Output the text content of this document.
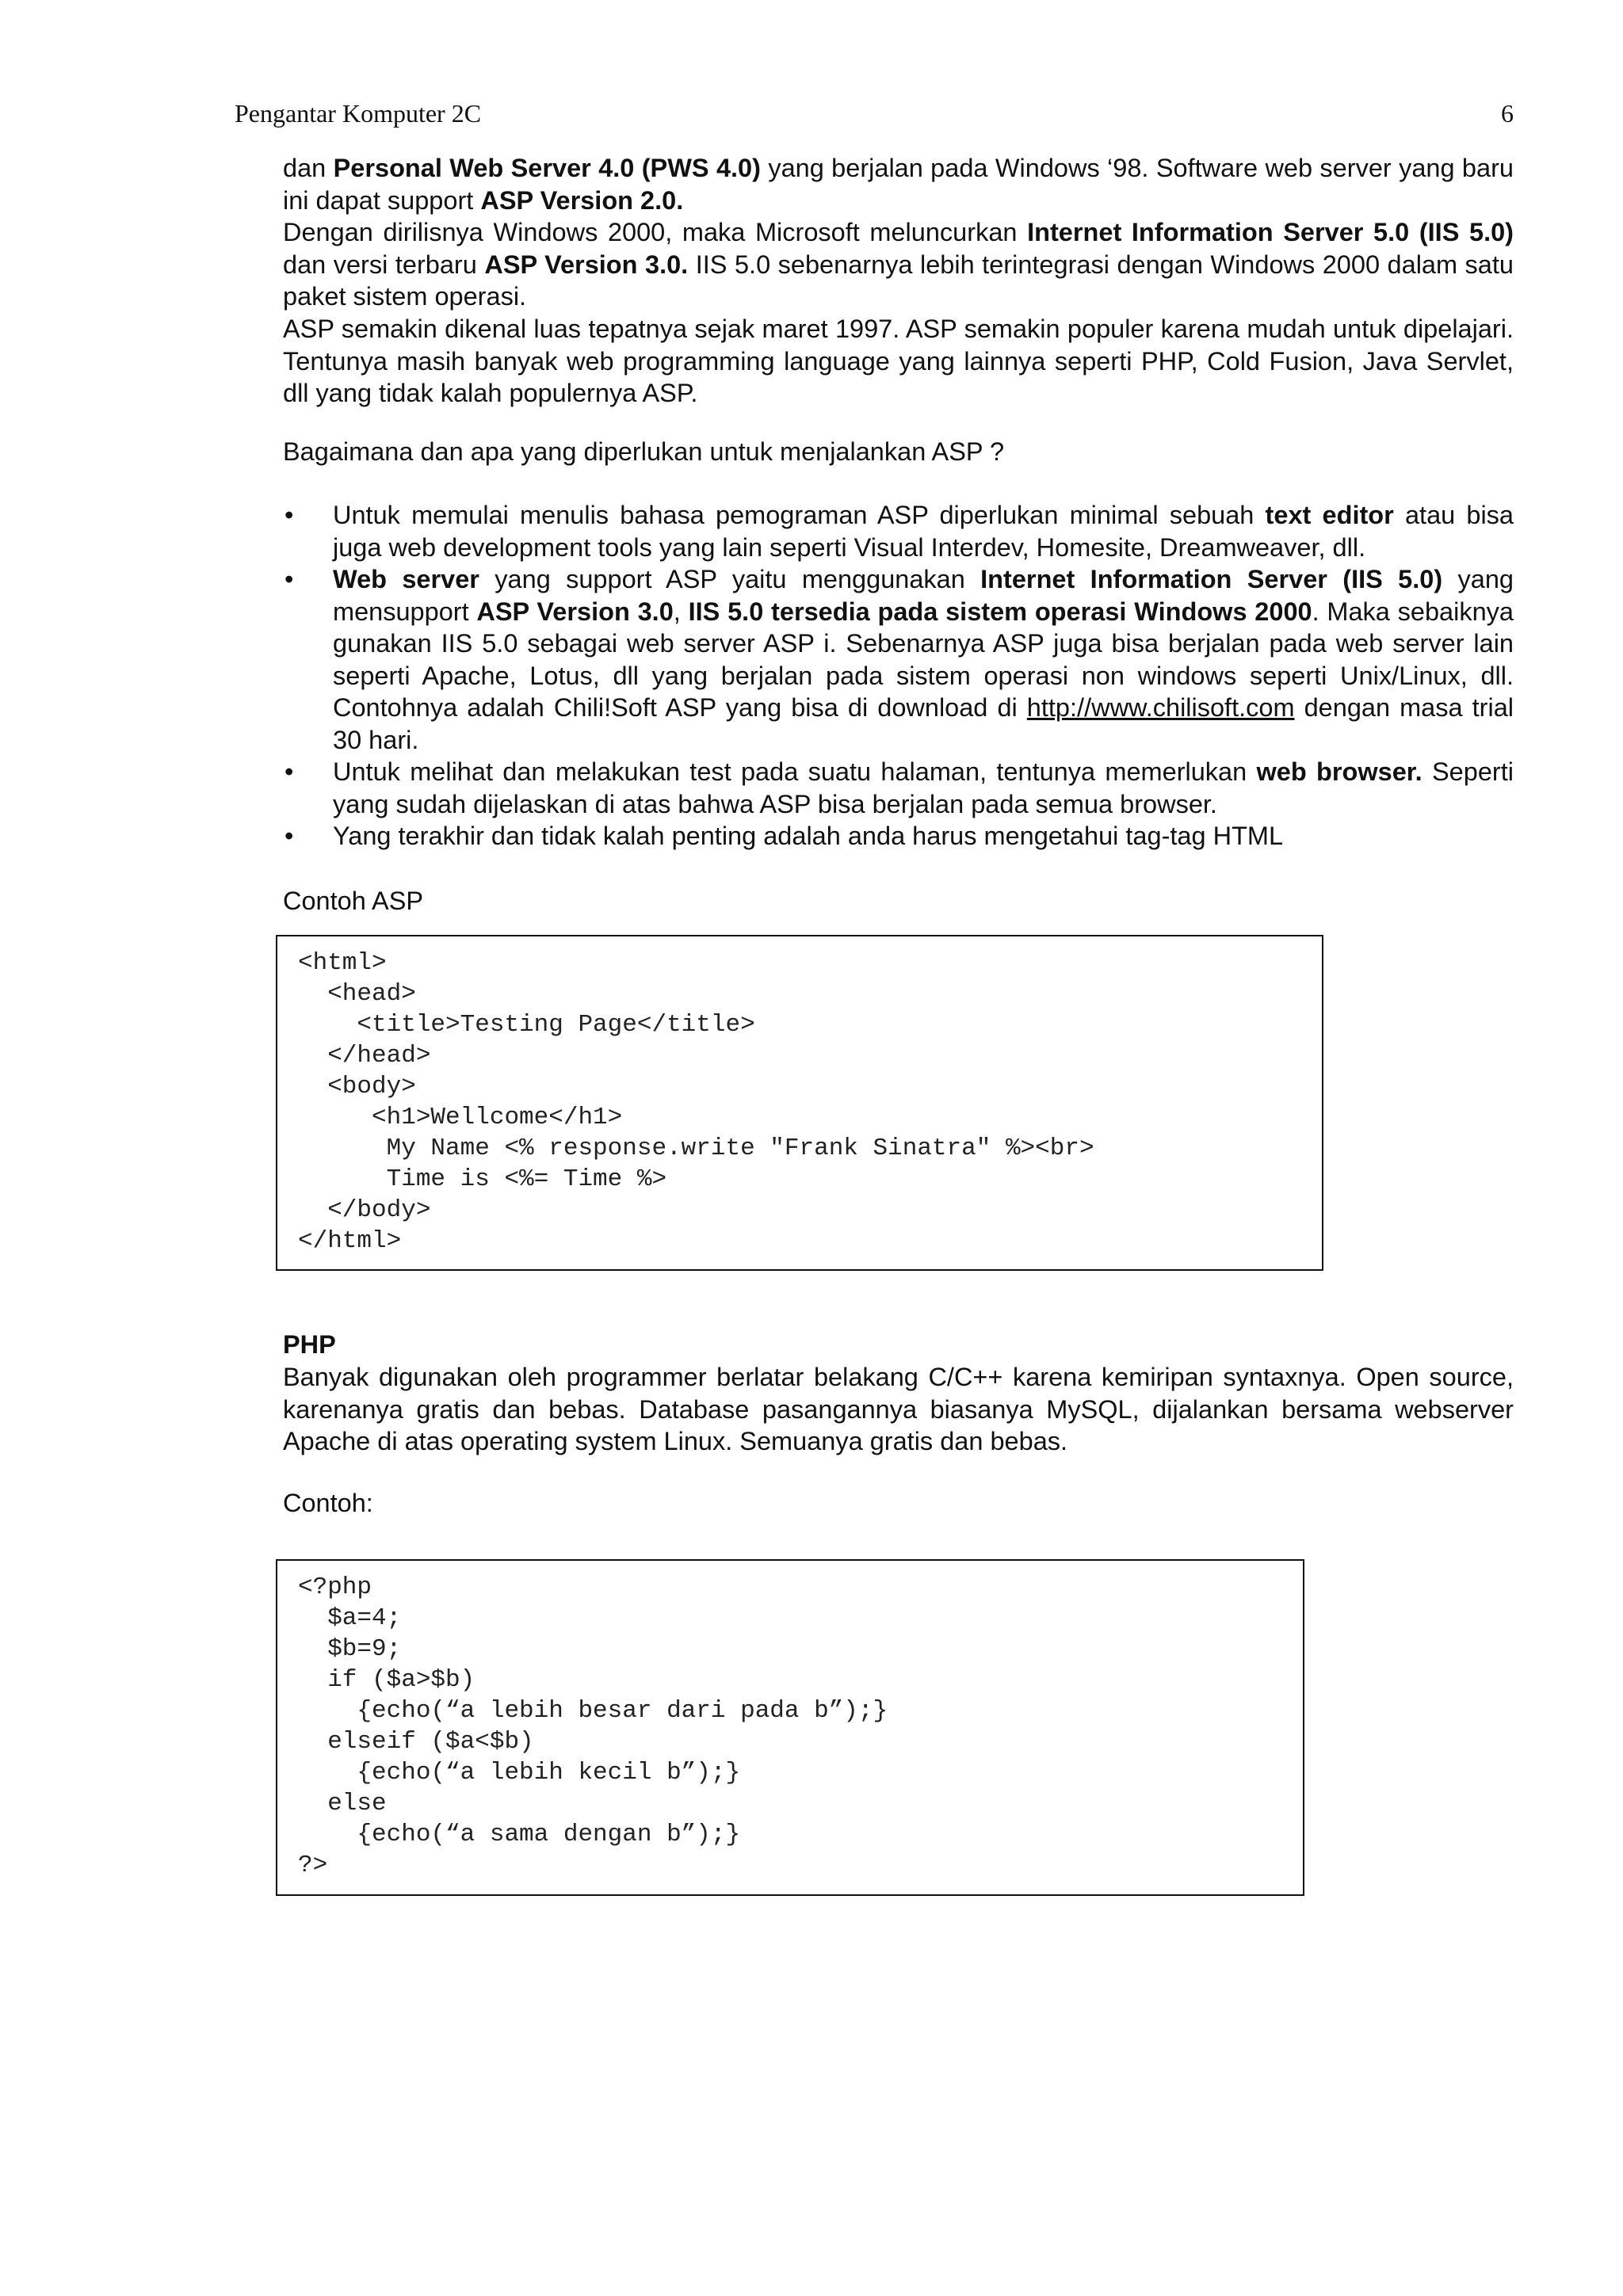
Pengantar Komputer 2C	6

dan Personal Web Server 4.0 (PWS 4.0) yang berjalan pada Windows ‘98. Software web server yang baru ini dapat support ASP Version 2.0.

Dengan dirilisnya Windows 2000, maka Microsoft meluncurkan Internet Information Server 5.0 (IIS 5.0) dan versi terbaru ASP Version 3.0. IIS 5.0 sebenarnya lebih terintegrasi dengan Windows 2000 dalam satu paket sistem operasi.

ASP semakin dikenal luas tepatnya sejak maret 1997. ASP semakin populer karena mudah untuk dipelajari. Tentunya masih banyak web programming language yang lainnya seperti PHP, Cold Fusion, Java Servlet, dll yang tidak kalah populernya ASP.

Bagaimana dan apa yang diperlukan untuk menjalankan ASP ?

• Untuk memulai menulis bahasa pemograman ASP diperlukan minimal sebuah text editor atau bisa juga web development tools yang lain seperti Visual Interdev, Homesite, Dreamweaver, dll.
• Web server yang support ASP yaitu menggunakan Internet Information Server (IIS 5.0) yang mensupport ASP Version 3.0, IIS 5.0 tersedia pada sistem operasi Windows 2000. Maka sebaiknya gunakan IIS 5.0 sebagai web server ASP i. Sebenarnya ASP juga bisa berjalan pada web server lain seperti Apache, Lotus, dll yang berjalan pada sistem operasi non windows seperti Unix/Linux, dll. Contohnya adalah Chili!Soft ASP yang bisa di download di http://www.chilisoft.com dengan masa trial 30 hari.
• Untuk melihat dan melakukan test pada suatu halaman, tentunya memerlukan web browser. Seperti yang sudah dijelaskan di atas bahwa ASP bisa berjalan pada semua browser.
• Yang terakhir dan tidak kalah penting adalah anda harus mengetahui tag-tag HTML
Contoh ASP
<html>
<head>
<title>Testing Page</title>
</head>
<body>
<h1>Wellcome</h1>
My Name <% response.write "Frank Sinatra" %><br>
Time is <%= Time %>
</body>
</html>
PHP

Banyak digunakan oleh programmer berlatar belakang C/C++ karena kemiripan syntaxnya. Open source, karenanya gratis dan bebas. Database pasangannya biasanya MySQL, dijalankan bersama webserver Apache di atas operating system Linux. Semuanya gratis dan bebas.

Contoh:
<?php
$a=4;
$b=9;
if ($a>$b)
{echo(“a lebih besar dari pada b”);}
elseif ($a<$b)
{echo(“a lebih kecil b”);}
else
{echo(“a sama dengan b”);}
?>
